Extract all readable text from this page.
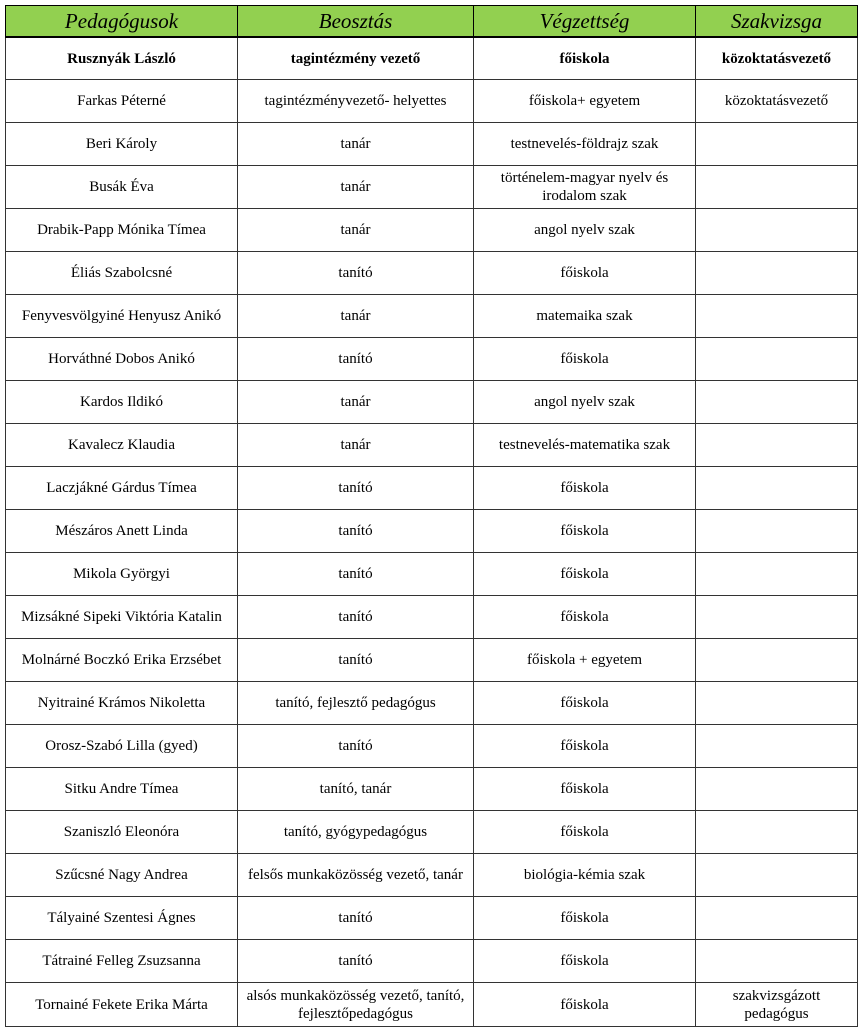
Pedagógusok	Beosztás	Végzettség	Szakvizsga
Rusznyák László	tagintézmény vezető	főiskola	közoktatásvezető
Farkas Péterné	tagintézményvezető- helyettes	főiskola+ egyetem	közoktatásvezető
Beri Károly	tanár	testnevelés-földrajz szak	
Busák Éva	tanár	történelem-magyar nyelv és irodalom szak	
Drabik-Papp Mónika Tímea	tanár	angol nyelv szak	
Éliás Szabolcsné	tanító	főiskola	
Fenyvesvölgyiné Henyusz Anikó	tanár	matemaika szak	
Horváthné Dobos Anikó	tanító	főiskola	
Kardos Ildikó	tanár	angol nyelv szak	
Kavalecz Klaudia	tanár	testnevelés-matematika szak	
Laczjákné Gárdus Tímea	tanító	főiskola	
Mészáros Anett Linda	tanító	főiskola	
Mikola Györgyi	tanító	főiskola	
Mizsákné Sipeki Viktória Katalin	tanító	főiskola	
Molnárné Boczkó Erika Erzsébet	tanító	főiskola + egyetem	
Nyitrainé Krámos Nikoletta	tanító, fejlesztő pedagógus	főiskola	
Orosz-Szabó Lilla (gyed)	tanító	főiskola	
Sitku Andre Tímea	tanító, tanár	főiskola	
Szaniszló Eleonóra	tanító, gyógypedagógus	főiskola	
Szűcsné Nagy Andrea	felsős munkaközösség vezető, tanár	biológia-kémia szak	
Tályainé Szentesi Ágnes	tanító	főiskola	
Tátrainé Felleg Zsuzsanna	tanító	főiskola	
Tornainé Fekete Erika Márta	alsós munkaközösség vezető, tanító, fejlesztőpedagógus	főiskola	szakvizsgázott pedagógus
